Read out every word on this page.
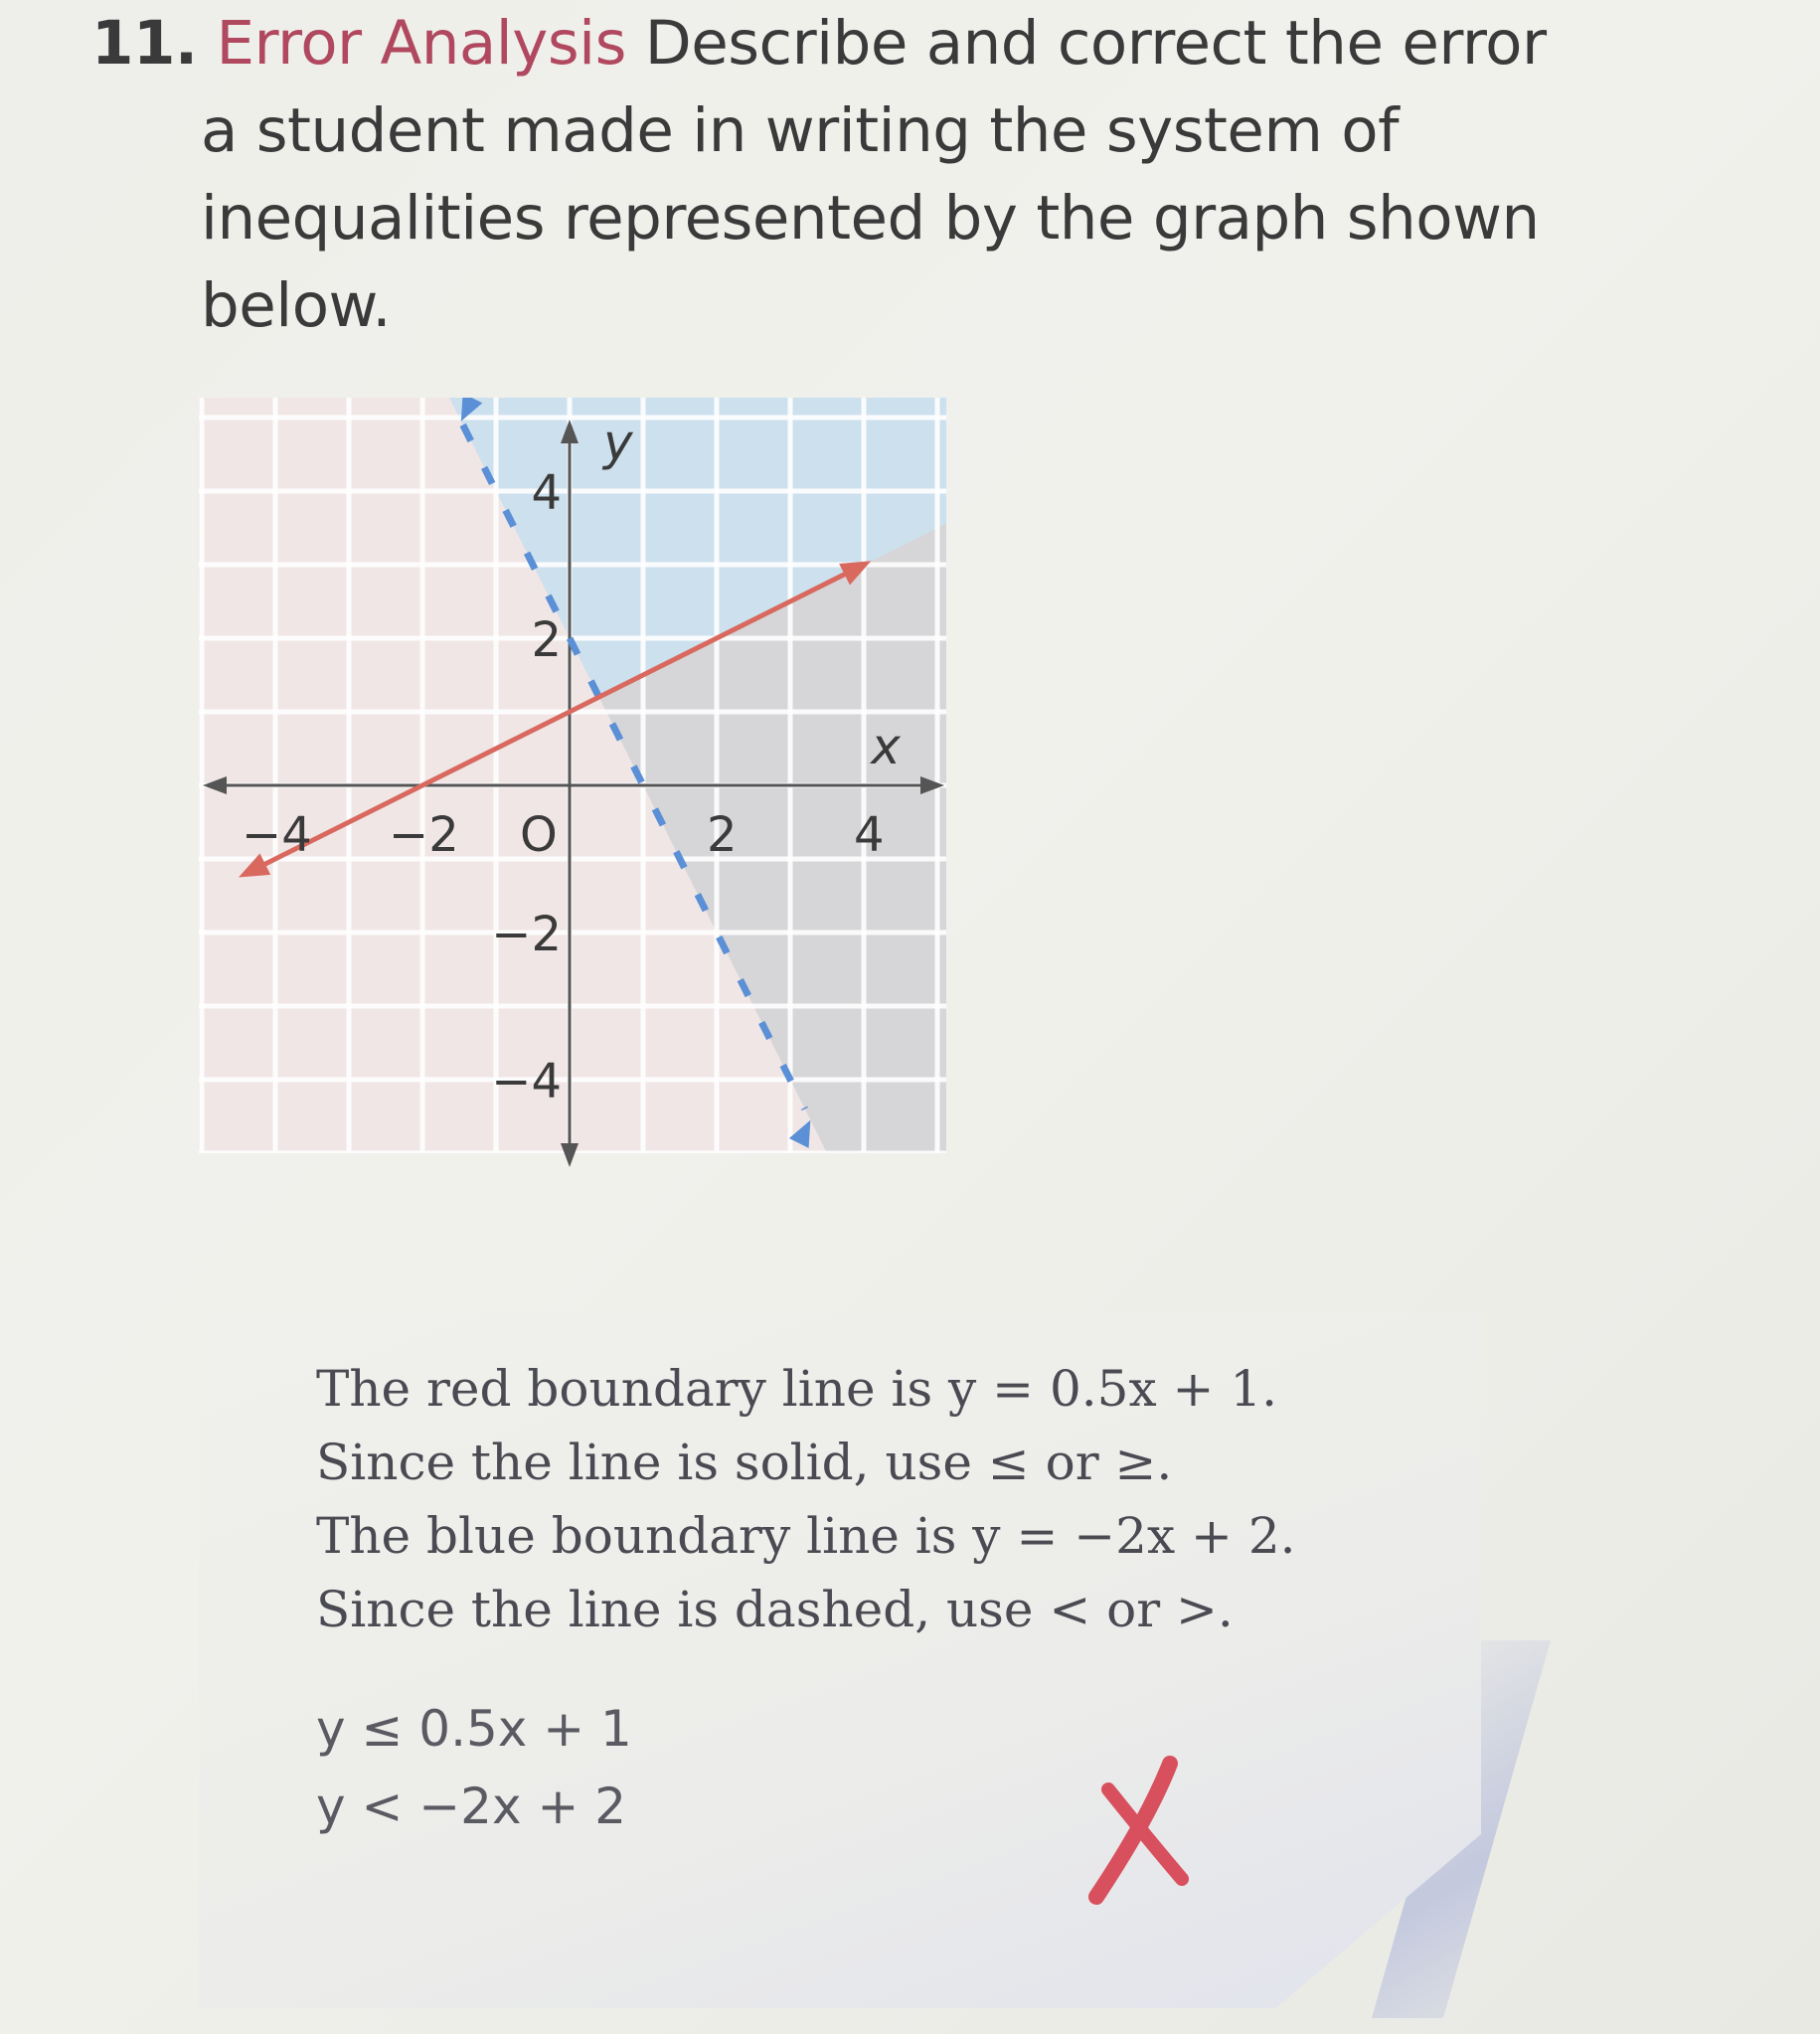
11. Error Analysis Describe and correct the error
a student made in writing the system of
inequalities represented by the graph shown
below.
−4 −2	2 4
4
2
−2
−4
x
y
O
The red boundary line is y = 0.5x + 1.
Since the line is solid, use ≤ or ≥.
The blue boundary line is y = −2x + 2.
Since the line is dashed, use < or >.
y ≤ 0.5x + 1
y < −2x + 2
